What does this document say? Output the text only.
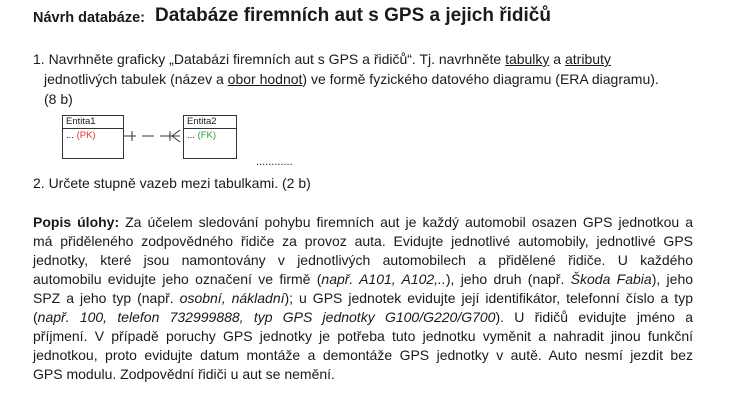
Návrh databáze: Databáze firemních aut s GPS a jejich řidičů
1. Navrhněte graficky „Databázi firemních aut s GPS a řidičů“. Tj. navrhněte tabulky a atributy
jednotlivých tabulek (název a obor hodnot) ve formě fyzického datového diagramu (ERA diagramu).
(8 b)
Entita1
... (PK)
Entita2
... (FK)
............
2. Určete stupně vazeb mezi tabulkami. (2 b)
Popis úlohy: Za účelem sledování pohybu firemních aut je každý automobil osazen GPS jednotkou a
má přiděleného zodpovědného řidiče za provoz auta. Evidujte jednotlivé automobily, jednotlivé GPS
jednotky, které jsou namontovány v jednotlivých automobilech a přidělené řidiče. U každého
automobilu evidujte jeho označení ve firmě (např. A101, A102,..), jeho druh (např. Škoda Fabia), jeho
SPZ a jeho typ (např. osobní, nákladní); u GPS jednotek evidujte její identifikátor, telefonní číslo a typ
(např. 100, telefon 732999888, typ GPS jednotky G100/G220/G700). U řidičů evidujte jméno a
příjmení. V případě poruchy GPS jednotky je potřeba tuto jednotku vyměnit a nahradit jinou funkční
jednotkou, proto evidujte datum montáže a demontáže GPS jednotky v autě. Auto nesmí jezdit bez
GPS modulu. Zodpovědní řidiči u aut se nemění.
